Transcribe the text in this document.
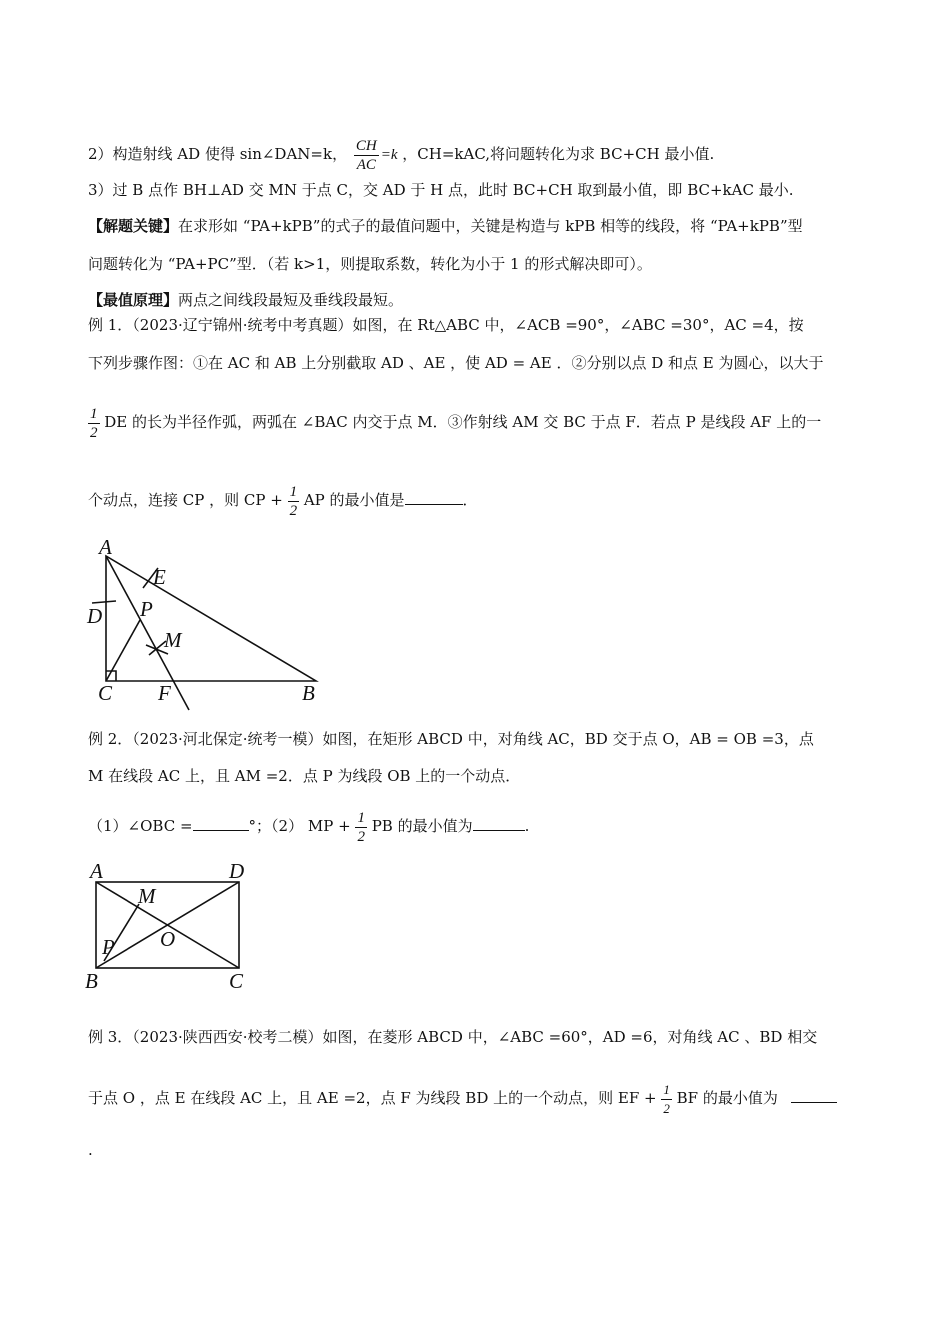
2）构造射线 AD 使得 sin∠DAN=k， $\frac{CH}{AC} =k$ ，CH=kAC,将问题转化为求 BC+CH 最小值.
3）过 B 点作 BH⊥AD 交 MN 于点 C，交 AD 于 H 点，此时 BC+CH 取到最小值，即 BC+kAC 最小.
【解题关键】在求形如 “PA+kPB”的式子的最值问题中，关键是构造与 kPB 相等的线段，将 “PA+kPB”型
问题转化为 “PA+PC”型．（若 k>1，则提取系数，转化为小于 1 的形式解决即可）。
【最值原理】两点之间线段最短及垂线段最短。
例 1．（2023·辽宁锦州·统考中考真题）如图，在 Rt△ABC 中，∠ACB =90°，∠ABC =30°，AC =4，按
下列步骤作图：①在 AC 和 AB 上分别截取 AD 、AE ，使 AD = AE ．②分别以点 D 和点 E 为圆心，以大于
$\frac{1}{2}$ DE 的长为半径作弧，两弧在 ∠BAC 内交于点 M．③作射线 AM 交 BC 于点 F．若点 P 是线段 AF 上的一
个动点，连接 CP ，则 CP + $\frac{1}{2}$ AP 的最小值是	．
A
E
D P
M
C F	B
例 2．（2023·河北保定·统考一模）如图，在矩形 ABCD 中，对角线 AC，BD 交于点 O，AB = OB =3，点
M 在线段 AC 上，且 AM =2．点 P 为线段 OB 上的一个动点．
（1）∠OBC =	°；（2） MP + $\frac{1}{2}$ PB 的最小值为	.
A	D
M
O
P
B	C
例 3．（2023·陕西西安·校考二模）如图，在菱形 ABCD 中，∠ABC =60°，AD =6，对角线 AC 、BD 相交
于点 O ，点 E 在线段 AC 上，且 AE =2，点 F 为线段 BD 上的一个动点，则 EF + $\frac{1}{2}$ BF 的最小值为
.
